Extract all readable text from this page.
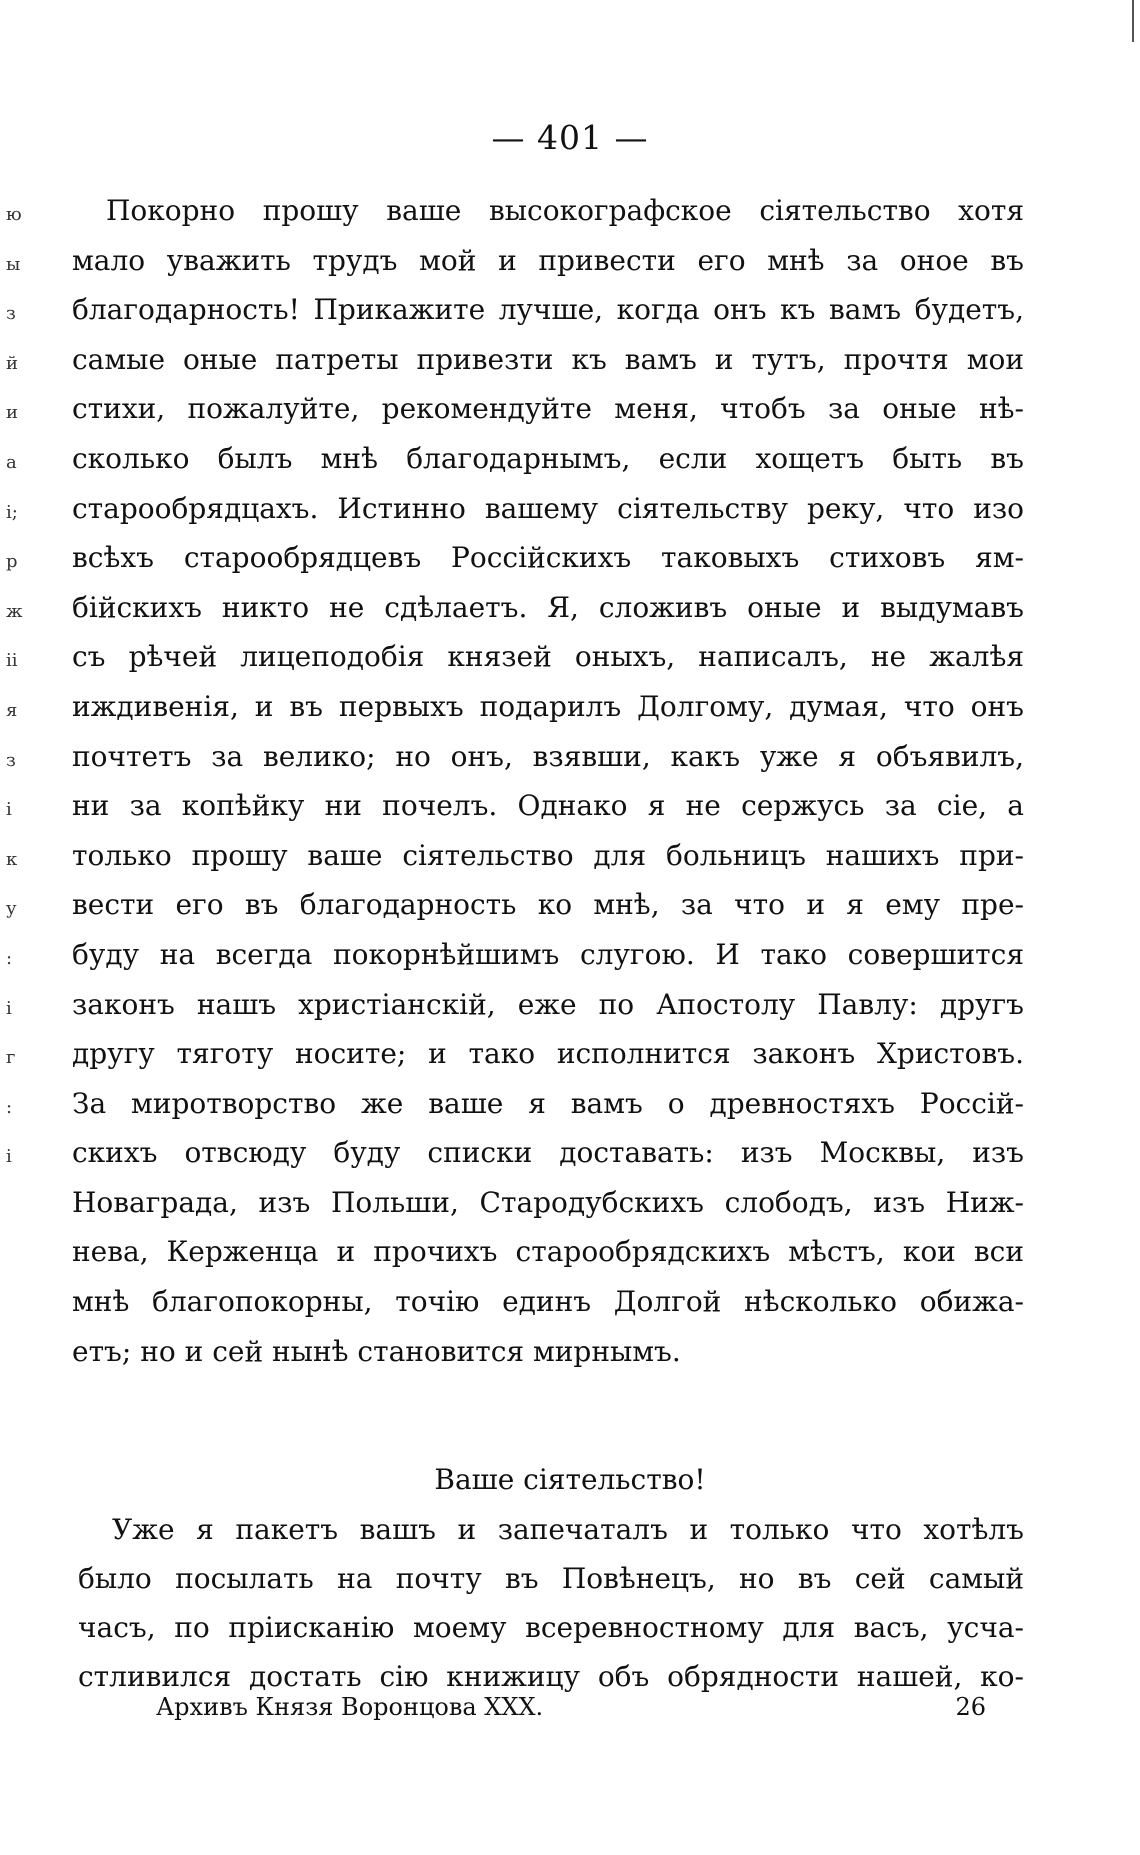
— 401 —
ю
ы
з
й
и
а
і;
р
ж
іі
я
з
і
к
у
:
і
г
:
і
Покорно прошу ваше высокографское сіятельство хотя
мало уважить трудъ мой и привести его мнѣ за оное въ
благодарность! Прикажите лучше, когда онъ къ вамъ будетъ,
самые оные патреты привезти къ вамъ и тутъ, прочтя мои
стихи, пожалуйте, рекомендуйте меня, чтобъ за оные нѣ-
сколько былъ мнѣ благодарнымъ, если хощетъ быть въ
старообрядцахъ. Истинно вашему сіятельству реку, что изо
всѣхъ старообрядцевъ Россійскихъ таковыхъ стиховъ ям-
бійскихъ никто не сдѣлаетъ. Я, сложивъ оные и выдумавъ
съ рѣчей лицеподобія князей оныхъ, написалъ, не жалѣя
иждивенія, и въ первыхъ подарилъ Долгому, думая, что онъ
почтетъ за велико; но онъ, взявши, какъ уже я объявилъ,
ни за копѣйку ни почелъ. Однако я не сержусь за сіе, а
только прошу ваше сіятельство для больницъ нашихъ при-
вести его въ благодарность ко мнѣ, за что и я ему пре-
буду на всегда покорнѣйшимъ слугою. И тако совершится
законъ нашъ христіанскій, еже по Апостолу Павлу: другъ
другу тяготу носите; и тако исполнится законъ Христовъ.
За миротворство же ваше я вамъ о древностяхъ Россій-
скихъ отвсюду буду списки доставать: изъ Москвы, изъ
Новаграда, изъ Польши, Стародубскихъ слободъ, изъ Ниж-
нева, Керженца и прочихъ старообрядскихъ мѣстъ, кои вси
мнѣ благопокорны, точію единъ Долгой нѣсколько обижа-
етъ; но и сей нынѣ становится мирнымъ.
Ваше сіятельство!
Уже я пакетъ вашъ и запечаталъ и только что хотѣлъ
было посылать на почту въ Повѣнецъ, но въ сей самый
часъ, по пріисканію моему всеревностному для васъ, усча-
стливился достать сію книжицу объ обрядности нашей, ко-
Архивъ Князя Воронцова XXX.	26
